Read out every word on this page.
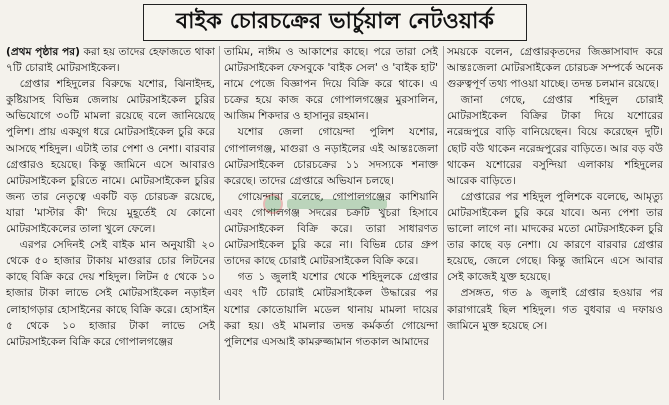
বাইক চোরচক্রের ভার্চুয়াল নেটওয়ার্ক

(প্রথম পৃষ্ঠার পর) করা হয় তাদের হেফাজতে থাকা ৭টি চোরাই মোটরসাইকেল।

গ্রেপ্তার শহিদুলের বিরুদ্ধে যশোর, ঝিনাইদহ, কুষ্টিয়াসহ বিভিন্ন জেলায় মোটরসাইকেল চুরির অভিযোগে ৩০টি মামলা রয়েছে বলে জানিয়েছে পুলিশ। প্রায় একযুগ ধরে মোটরসাইকেল চুরি করে আসছে শহিদুল। এটাই তার পেশা ও নেশা। বারবার গ্রেপ্তারও হয়েছে। কিন্তু জামিনে এসে আবারও মোটরসাইকেল চুরিতে নামে। মোটরসাইকেল চুরির জন্য তার নেতৃত্বে একটি বড় চোরচক্র রয়েছে, যারা 'মাস্টার কী' দিয়ে মুহূর্তেই যে কোনো মোটরসাইকেলের তালা খুলে ফেলে।

এরপর সেদিনই সেই বাইক মান অনুযায়ী ২০ থেকে ৫০ হাজার টাকায় মাগুরার চোর লিটনের কাছে বিক্রি করে দেয় শহিদুল। লিটন ৫ থেকে ১০ হাজার টাকা লাভে সেই মোটরসাইকেল নড়াইল লোহাগড়ার হোসাইনের কাছে বিক্রি করে। হোসাইন ৫ থেকে ১০ হাজার টাকা লাভে সেই মোটরসাইকেল বিক্রি করে গোপালগঞ্জের

তামিম, নাঈম ও আকাশের কাছে। পরে তারা সেই মোটরসাইকেল ফেসবুকে 'বাইক সেল' ও 'বাইক হাট' নামে পেজে বিজ্ঞাপন দিয়ে বিক্রি করে থাকে। এ চক্রের হয়ে কাজ করে গোপালগঞ্জের মুরসালিন, আজিম শিকদার ও হাসানুর রহমান।

যশোর জেলা গোয়েন্দা পুলিশ যশোর, গোপালগঞ্জ, মাগুরা ও নড়াইলের এই আন্তঃজেলা মোটরসাইকেল চোরচক্রের ১১ সদস্যকে শনাক্ত করেছে। তাদের গ্রেপ্তারে অভিযান চলছে।

গোয়েন্দারা বলেছে, গোপালগঞ্জের কাশিয়ানি এবং গোপালগঞ্জ সদরের চক্রটি খুচরা হিসাবে মোটরসাইকেল বিক্রি করে। তারা সাধারণত মোটরসাইকেল চুরি করে না। বিভিন্ন চোর গ্রুপ তাদের কাছে চোরাই মোটরসাইকেল বিক্রি করে।

গত ১ জুলাই যশোর থেকে শহিদুলকে গ্রেপ্তার এবং ৭টি চোরাই মোটরসাইকেল উদ্ধারের পর যশোর কোতোয়ালি মডেল থানায় মামলা দায়ের করা হয়। ওই মামলার তদন্ত কর্মকর্তা গোয়েন্দা পুলিশের এসআই কামরুজ্জামান গতকাল আমাদের

সময়কে বলেন, গ্রেপ্তারকৃতদের জিজ্ঞাসাবাদ করে আন্তঃজেলা মোটরসাইকেল চোরচক্র সম্পর্কে অনেক গুরুত্বপূর্ণ তথ্য পাওয়া যাচ্ছে। তদন্ত চলমান রয়েছে।

জানা গেছে, গ্রেপ্তার শহিদুল চোরাই মোটরসাইকেল বিক্রির টাকা দিয়ে যশোরের নরেন্দ্রপুরে বাড়ি বানিয়েছেন। বিয়ে করেছেন দুটি। ছোট বউ থাকেন নরেন্দ্রপুরের বাড়িতে। আর বড় বউ থাকেন যশোরের বসুন্দিয়া এলাকায় শহিদুলের আরেক বাড়িতে।

গ্রেপ্তারের পর শহিদুল পুলিশকে বলেছে, আমৃত্যু মোটরসাইকেল চুরি করে যাবে। অন্য পেশা তার ভালো লাগে না। মাদকের মতো মোটরসাইকেল চুরি তার কাছে বড় নেশা। যে কারণে বারবার গ্রেপ্তার হয়েছে, জেলে গেছে। কিন্তু জামিনে এসে আবার সেই কাজেই যুক্ত হয়েছে।

প্রসঙ্গত, গত ৯ জুলাই গ্রেপ্তার হওয়ার পর কারাগারেই ছিল শহিদুল। গত বুধবার এ দফায়ও জামিনে মুক্ত হয়েছে সে।
